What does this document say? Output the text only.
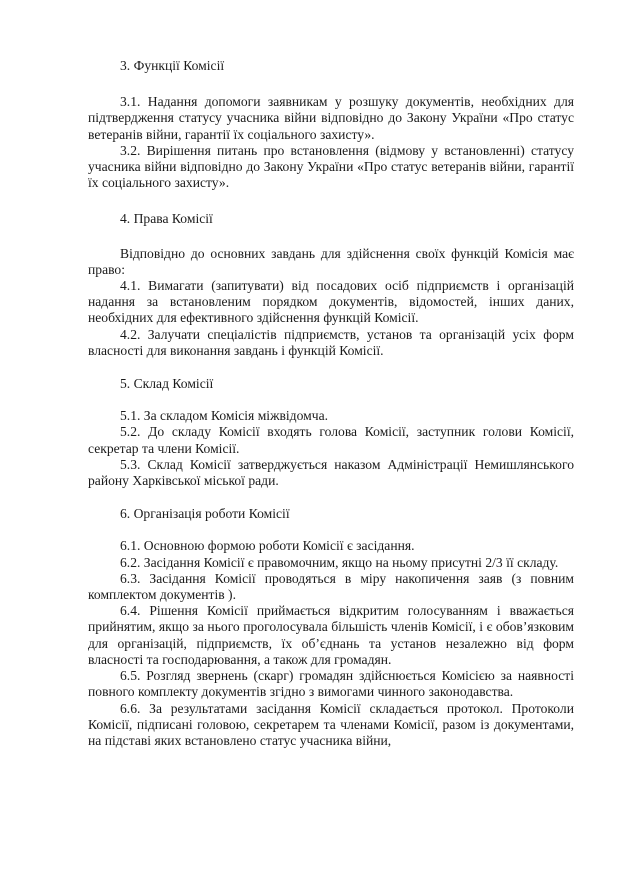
3. Функції Комісії

3.1. Надання допомоги заявникам у розшуку документів, необхідних для підтвердження статусу учасника війни відповідно до Закону України «Про статус ветеранів війни, гарантії їх соціального захисту».

3.2. Вирішення питань про встановлення (відмову у встановленні) статусу учасника війни відповідно до Закону України «Про статус ветеранів війни, гарантії їх соціального захисту».

4. Права Комісії

Відповідно до основних завдань для здійснення своїх функцій Комісія має право:

4.1. Вимагати (запитувати) від посадових осіб підприємств і організацій надання за встановленим порядком документів, відомостей, інших даних, необхідних для ефективного здійснення функцій Комісії.

4.2. Залучати спеціалістів підприємств, установ та організацій усіх форм власності для виконання завдань і функцій Комісії.

5. Склад Комісії

5.1. За складом Комісія міжвідомча.

5.2. До складу Комісії входять голова Комісії, заступник голови Комісії, секретар та члени Комісії.

5.3. Склад Комісії затверджується наказом Адміністрації Немишлянського району Харківської міської ради.

6. Організація роботи Комісії

6.1. Основною формою роботи Комісії є засідання.

6.2. Засідання Комісії є правомочним, якщо на ньому присутні 2/3 її складу.

6.3. Засідання Комісії проводяться в міру накопичення заяв (з повним комплектом документів ).

6.4. Рішення Комісії приймається відкритим голосуванням і вважається прийнятим, якщо за нього проголосувала більшість членів Комісії, і є обов’язковим для організацій, підприємств, їх об’єднань та установ незалежно від форм власності та господарювання, а також для громадян.

6.5. Розгляд звернень (скарг) громадян здійснюється Комісією за наявності повного комплекту документів згідно з вимогами чинного законодавства.

6.6. За результатами засідання Комісії складається протокол. Протоколи Комісії, підписані головою, секретарем та членами Комісії, разом із документами, на підставі яких встановлено статус учасника війни,
